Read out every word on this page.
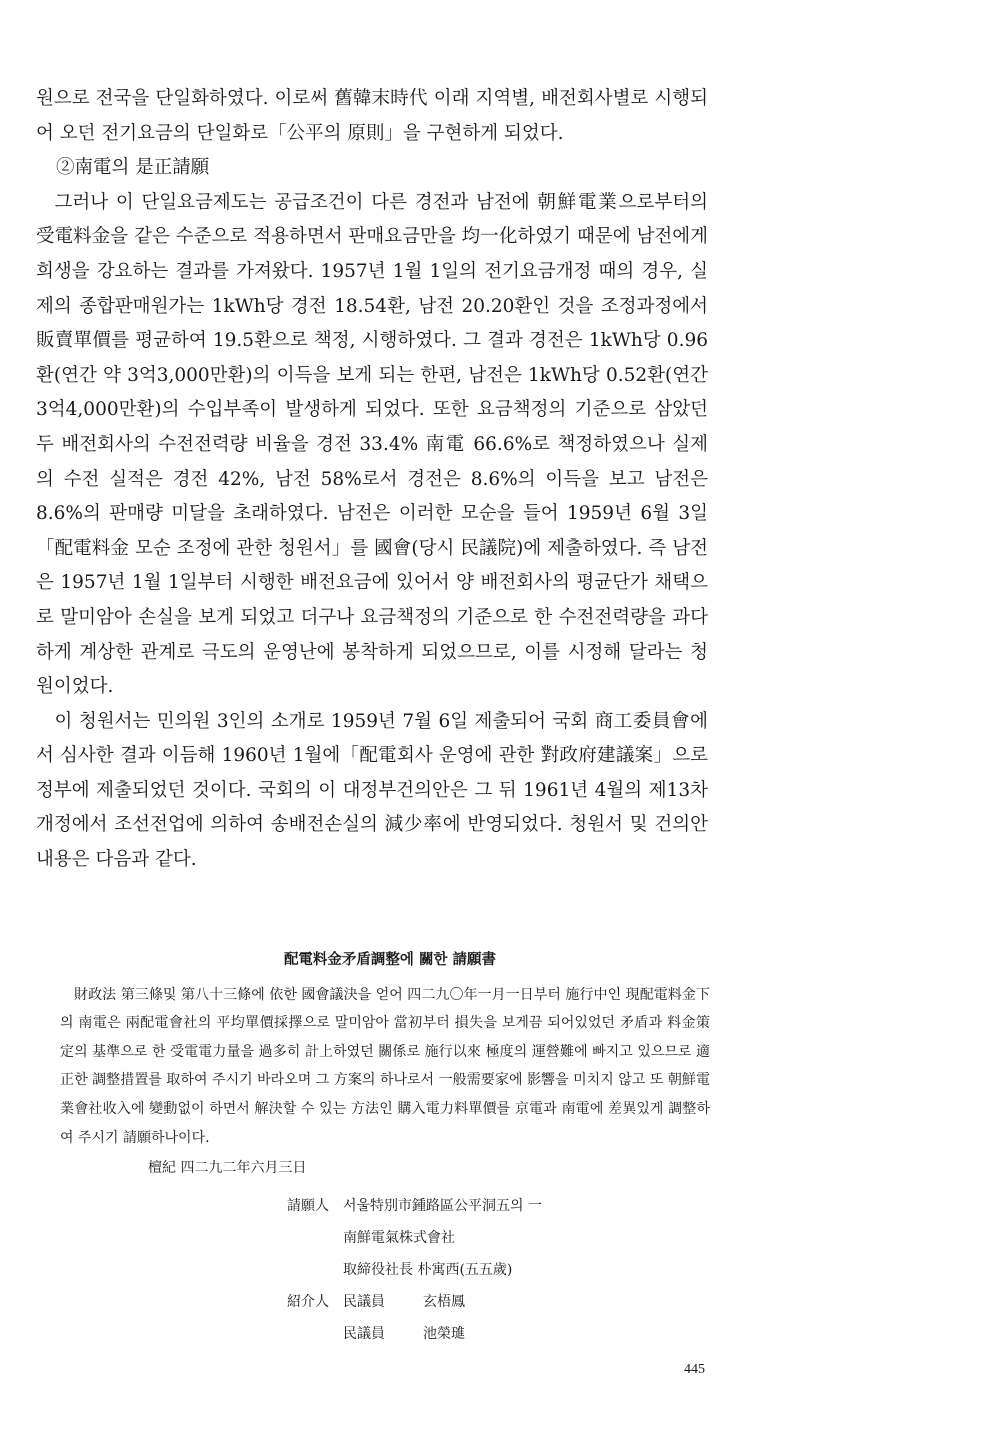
원으로 전국을 단일화하였다. 이로써 舊韓末時代 이래 지역별, 배전회사별로 시행되어 오던 전기요금의 단일화로「公平의 原則」을 구현하게 되었다.

②南電의 是正請願

그러나 이 단일요금제도는 공급조건이 다른 경전과 남전에 朝鮮電業으로부터의 受電料金을 같은 수준으로 적용하면서 판매요금만을 均一化하였기 때문에 남전에게 희생을 강요하는 결과를 가져왔다. 1957년 1월 1일의 전기요금개정 때의 경우, 실제의 종합판매원가는 1kWh당 경전 18.54환, 남전 20.20환인 것을 조정과정에서 販賣單價를 평균하여 19.5환으로 책정, 시행하였다. 그 결과 경전은 1kWh당 0.96환(연간 약 3억3,000만환)의 이득을 보게 되는 한편, 남전은 1kWh당 0.52환(연간 3억4,000만환)의 수입부족이 발생하게 되었다. 또한 요금책정의 기준으로 삼았던 두 배전회사의 수전전력량 비율을 경전 33.4% 南電 66.6%로 책정하였으나 실제의 수전 실적은 경전 42%, 남전 58%로서 경전은 8.6%의 이득을 보고 남전은 8.6%의 판매량 미달을 초래하였다. 남전은 이러한 모순을 들어 1959년 6월 3일「配電料金 모순 조정에 관한 청원서」를 國會(당시 民議院)에 제출하였다. 즉 남전은 1957년 1월 1일부터 시행한 배전요금에 있어서 양 배전회사의 평균단가 채택으로 말미암아 손실을 보게 되었고 더구나 요금책정의 기준으로 한 수전전력량을 과다하게 계상한 관계로 극도의 운영난에 봉착하게 되었으므로, 이를 시정해 달라는 청원이었다.

이 청원서는 민의원 3인의 소개로 1959년 7월 6일 제출되어 국회 商工委員會에서 심사한 결과 이듬해 1960년 1월에「配電회사 운영에 관한 對政府建議案」으로 정부에 제출되었던 것이다. 국회의 이 대정부건의안은 그 뒤 1961년 4월의 제13차 개정에서 조선전업에 의하여 송배전손실의 減少率에 반영되었다. 청원서 및 건의안 내용은 다음과 같다.

配電料金矛盾調整에 關한 請願書

財政法 第三條및 第八十三條에 依한 國會議決을 얻어 四二九〇年一月一日부터 施行中인 現配電料金下의 南電은 兩配電會社의 平均單價採擇으로 말미암아 當初부터 損失을 보게끔 되어있었던 矛盾과 料金策定의 基準으로 한 受電電力量을 過多히 計上하였던 關係로 施行以來 極度의 運營難에 빠지고 있으므로 適正한 調整措置를 取하여 주시기 바라오며 그 方案의 하나로서 一般需要家에 影響을 미치지 않고 또 朝鮮電業會社收入에 變動없이 하면서 解決할 수 있는 方法인 購入電力料單價를 京電과 南電에 差異있게 調整하여 주시기 請願하나이다.

檀紀 四二九二年六月三日
請願人 서울特別市鍾路區公平洞五의 一
南鮮電氣株式會社
取締役社長 朴寓西(五五歲)
紹介人 民議員	玄梧鳳
民議員	池榮璡
445
